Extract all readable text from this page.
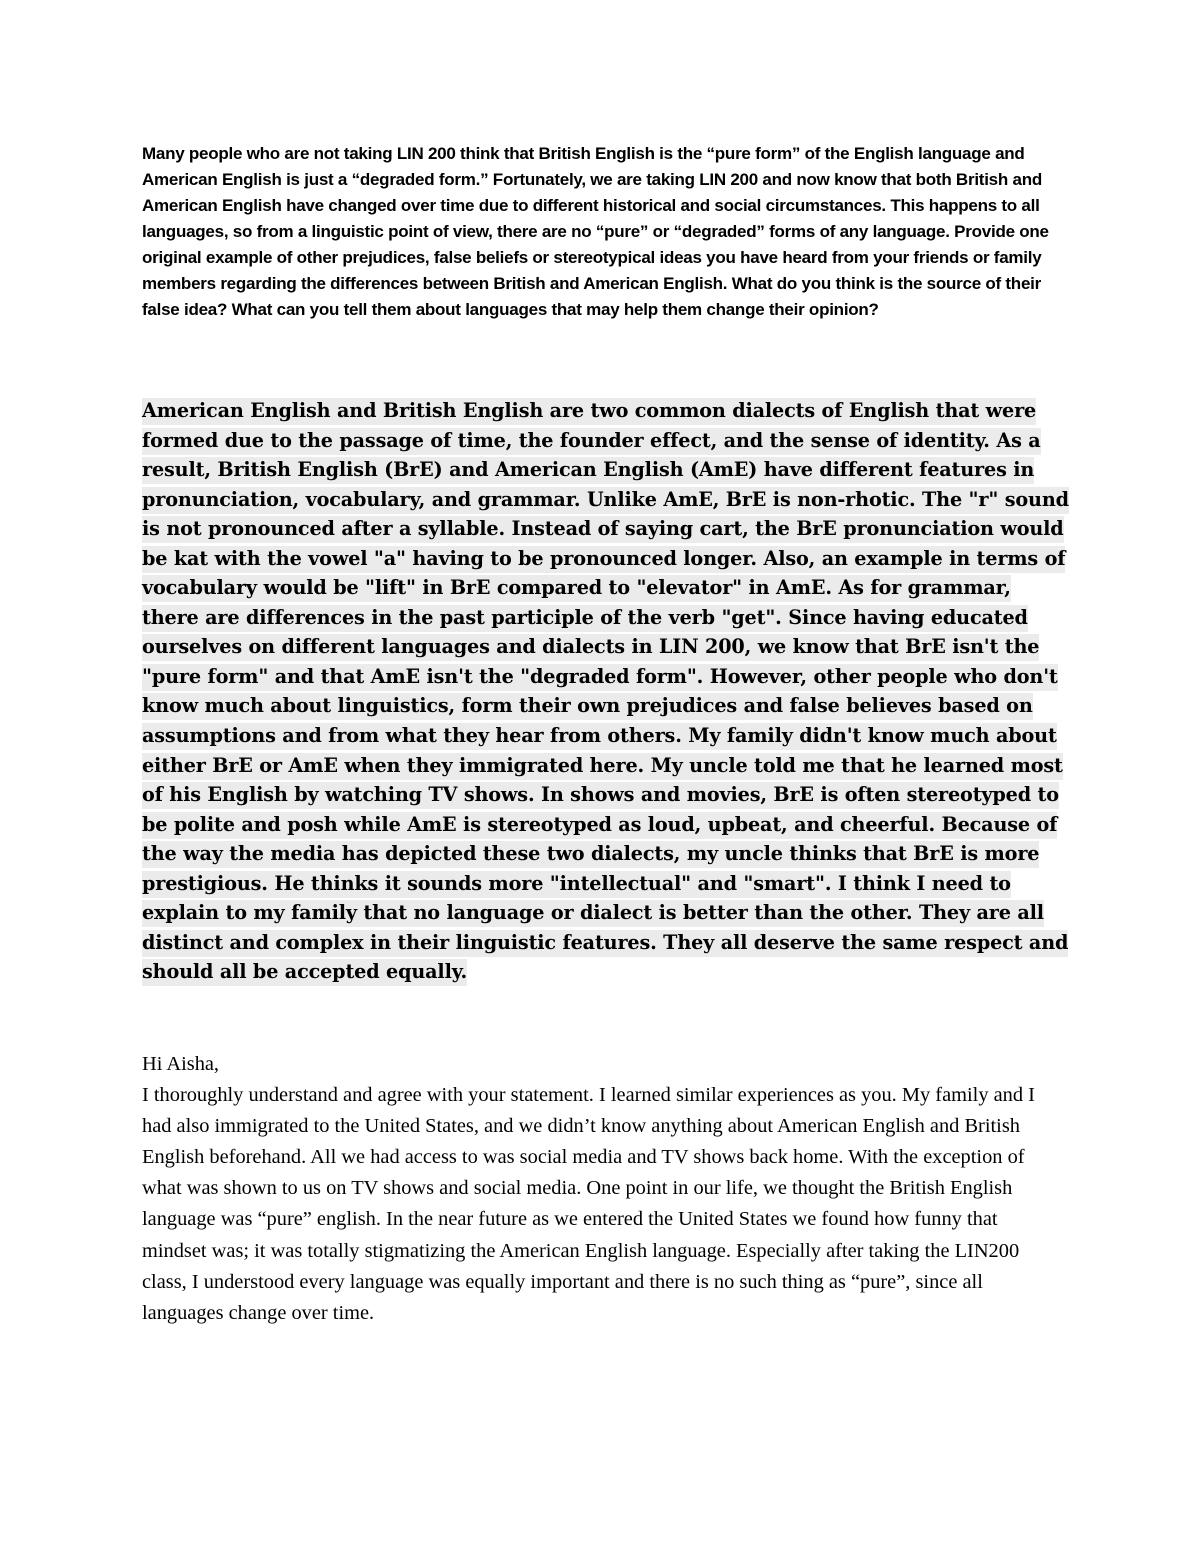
Many people who are not taking LIN 200 think that British English is the “pure form” of the English language and American English is just a “degraded form.” Fortunately, we are taking LIN 200 and now know that both British and American English have changed over time due to different historical and social circumstances. This happens to all languages, so from a linguistic point of view, there are no “pure” or “degraded” forms of any language. Provide one original example of other prejudices, false beliefs or stereotypical ideas you have heard from your friends or family members regarding the differences between British and American English. What do you think is the source of their false idea? What can you tell them about languages that may help them change their opinion?

American English and British English are two common dialects of English that were formed due to the passage of time, the founder effect, and the sense of identity. As a result, British English (BrE) and American English (AmE) have different features in pronunciation, vocabulary, and grammar. Unlike AmE, BrE is non-rhotic. The "r" sound is not pronounced after a syllable. Instead of saying cart, the BrE pronunciation would be kat with the vowel "a" having to be pronounced longer. Also, an example in terms of vocabulary would be "lift" in BrE compared to "elevator" in AmE. As for grammar, there are differences in the past participle of the verb "get". Since having educated ourselves on different languages and dialects in LIN 200, we know that BrE isn't the "pure form" and that AmE isn't the "degraded form". However, other people who don't know much about linguistics, form their own prejudices and false believes based on assumptions and from what they hear from others. My family didn't know much about either BrE or AmE when they immigrated here. My uncle told me that he learned most of his English by watching TV shows. In shows and movies, BrE is often stereotyped to be polite and posh while AmE is stereotyped as loud, upbeat, and cheerful. Because of the way the media has depicted these two dialects, my uncle thinks that BrE is more prestigious. He thinks it sounds more "intellectual" and "smart". I think I need to explain to my family that no language or dialect is better than the other. They are all distinct and complex in their linguistic features. They all deserve the same respect and should all be accepted equally.

Hi Aisha,
I thoroughly understand and agree with your statement. I learned similar experiences as you. My family and I had also immigrated to the United States, and we didn’t know anything about American English and British English beforehand. All we had access to was social media and TV shows back home. With the exception of what was shown to us on TV shows and social media. One point in our life, we thought the British English language was “pure” english. In the near future as we entered the United States we found how funny that mindset was; it was totally stigmatizing the American English language. Especially after taking the LIN200 class, I understood every language was equally important and there is no such thing as “pure”, since all languages change over time.
